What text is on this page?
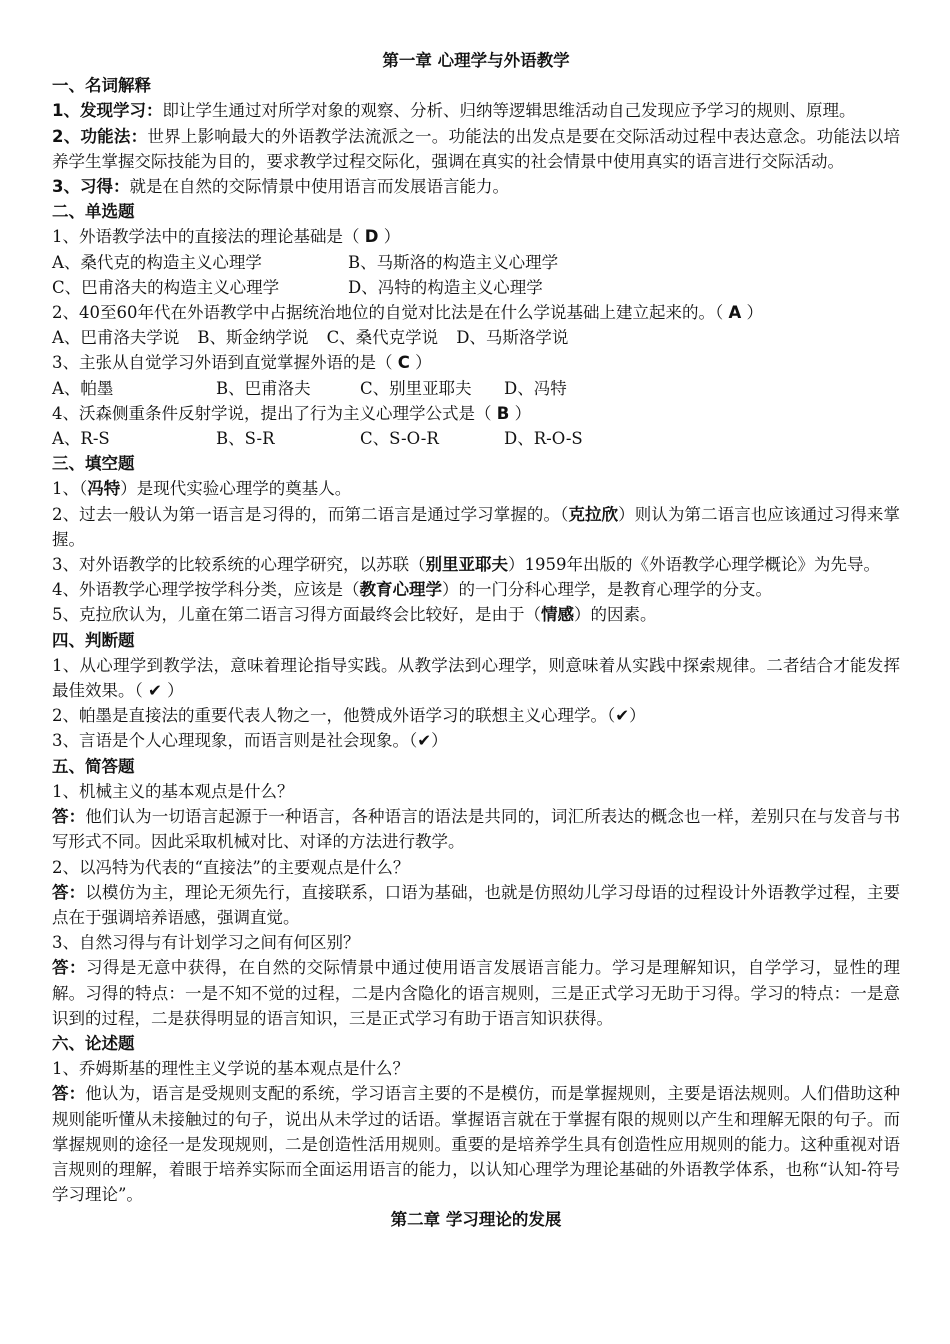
第一章 心理学与外语教学

一、名词解释

1、发现学习：即让学生通过对所学对象的观察、分析、归纳等逻辑思维活动自己发现应予学习的规则、原理。

2、功能法：世界上影响最大的外语教学法流派之一。功能法的出发点是要在交际活动过程中表达意念。功能法以培养学生掌握交际技能为目的，要求教学过程交际化，强调在真实的社会情景中使用真实的语言进行交际活动。

3、习得：就是在自然的交际情景中使用语言而发展语言能力。

二、单选题

1、外语教学法中的直接法的理论基础是（ D ）

A、桑代克的构造主义心理学	B、马斯洛的构造主义心理学

C、巴甫洛夫的构造主义心理学	D、冯特的构造主义心理学

2、40至60年代在外语教学中占据统治地位的自觉对比法是在什么学说基础上建立起来的。（ A ）

A、巴甫洛夫学说 B、斯金纳学说 C、桑代克学说 D、马斯洛学说

3、主张从自觉学习外语到直觉掌握外语的是（ C ）

A、帕墨	B、巴甫洛夫	C、别里亚耶夫	D、冯特

4、沃森侧重条件反射学说，提出了行为主义心理学公式是（ B ）

A、R-S	B、S-R	C、S-O-R	D、R-O-S

三、填空题

1、（冯特）是现代实验心理学的奠基人。

2、过去一般认为第一语言是习得的，而第二语言是通过学习掌握的。（克拉欣）则认为第二语言也应该通过习得来掌握。

3、对外语教学的比较系统的心理学研究，以苏联（别里亚耶夫）1959年出版的《外语教学心理学概论》为先导。

4、外语教学心理学按学科分类，应该是（教育心理学）的一门分科心理学，是教育心理学的分支。

5、克拉欣认为，儿童在第二语言习得方面最终会比较好，是由于（情感）的因素。

四、判断题

1、从心理学到教学法，意味着理论指导实践。从教学法到心理学，则意味着从实践中探索规律。二者结合才能发挥最佳效果。（ ✔ ）

2、帕墨是直接法的重要代表人物之一，他赞成外语学习的联想主义心理学。（✔）

3、言语是个人心理现象，而语言则是社会现象。（✔）

五、简答题

1、机械主义的基本观点是什么？

答：他们认为一切语言起源于一种语言，各种语言的语法是共同的，词汇所表达的概念也一样，差别只在与发音与书写形式不同。因此采取机械对比、对译的方法进行教学。

2、以冯特为代表的“直接法”的主要观点是什么？

答：以模仿为主，理论无须先行，直接联系，口语为基础，也就是仿照幼儿学习母语的过程设计外语教学过程，主要点在于强调培养语感，强调直觉。

3、自然习得与有计划学习之间有何区别？

答：习得是无意中获得，在自然的交际情景中通过使用语言发展语言能力。学习是理解知识，自学学习，显性的理解。习得的特点：一是不知不觉的过程，二是内含隐化的语言规则，三是正式学习无助于习得。学习的特点：一是意识到的过程，二是获得明显的语言知识，三是正式学习有助于语言知识获得。

六、论述题

1、乔姆斯基的理性主义学说的基本观点是什么？

答：他认为，语言是受规则支配的系统，学习语言主要的不是模仿，而是掌握规则，主要是语法规则。人们借助这种规则能听懂从未接触过的句子，说出从未学过的话语。掌握语言就在于掌握有限的规则以产生和理解无限的句子。而掌握规则的途径一是发现规则，二是创造性活用规则。重要的是培养学生具有创造性应用规则的能力。这种重视对语言规则的理解，着眼于培养实际而全面运用语言的能力，以认知心理学为理论基础的外语教学体系，也称“认知-符号学习理论”。

第二章 学习理论的发展
